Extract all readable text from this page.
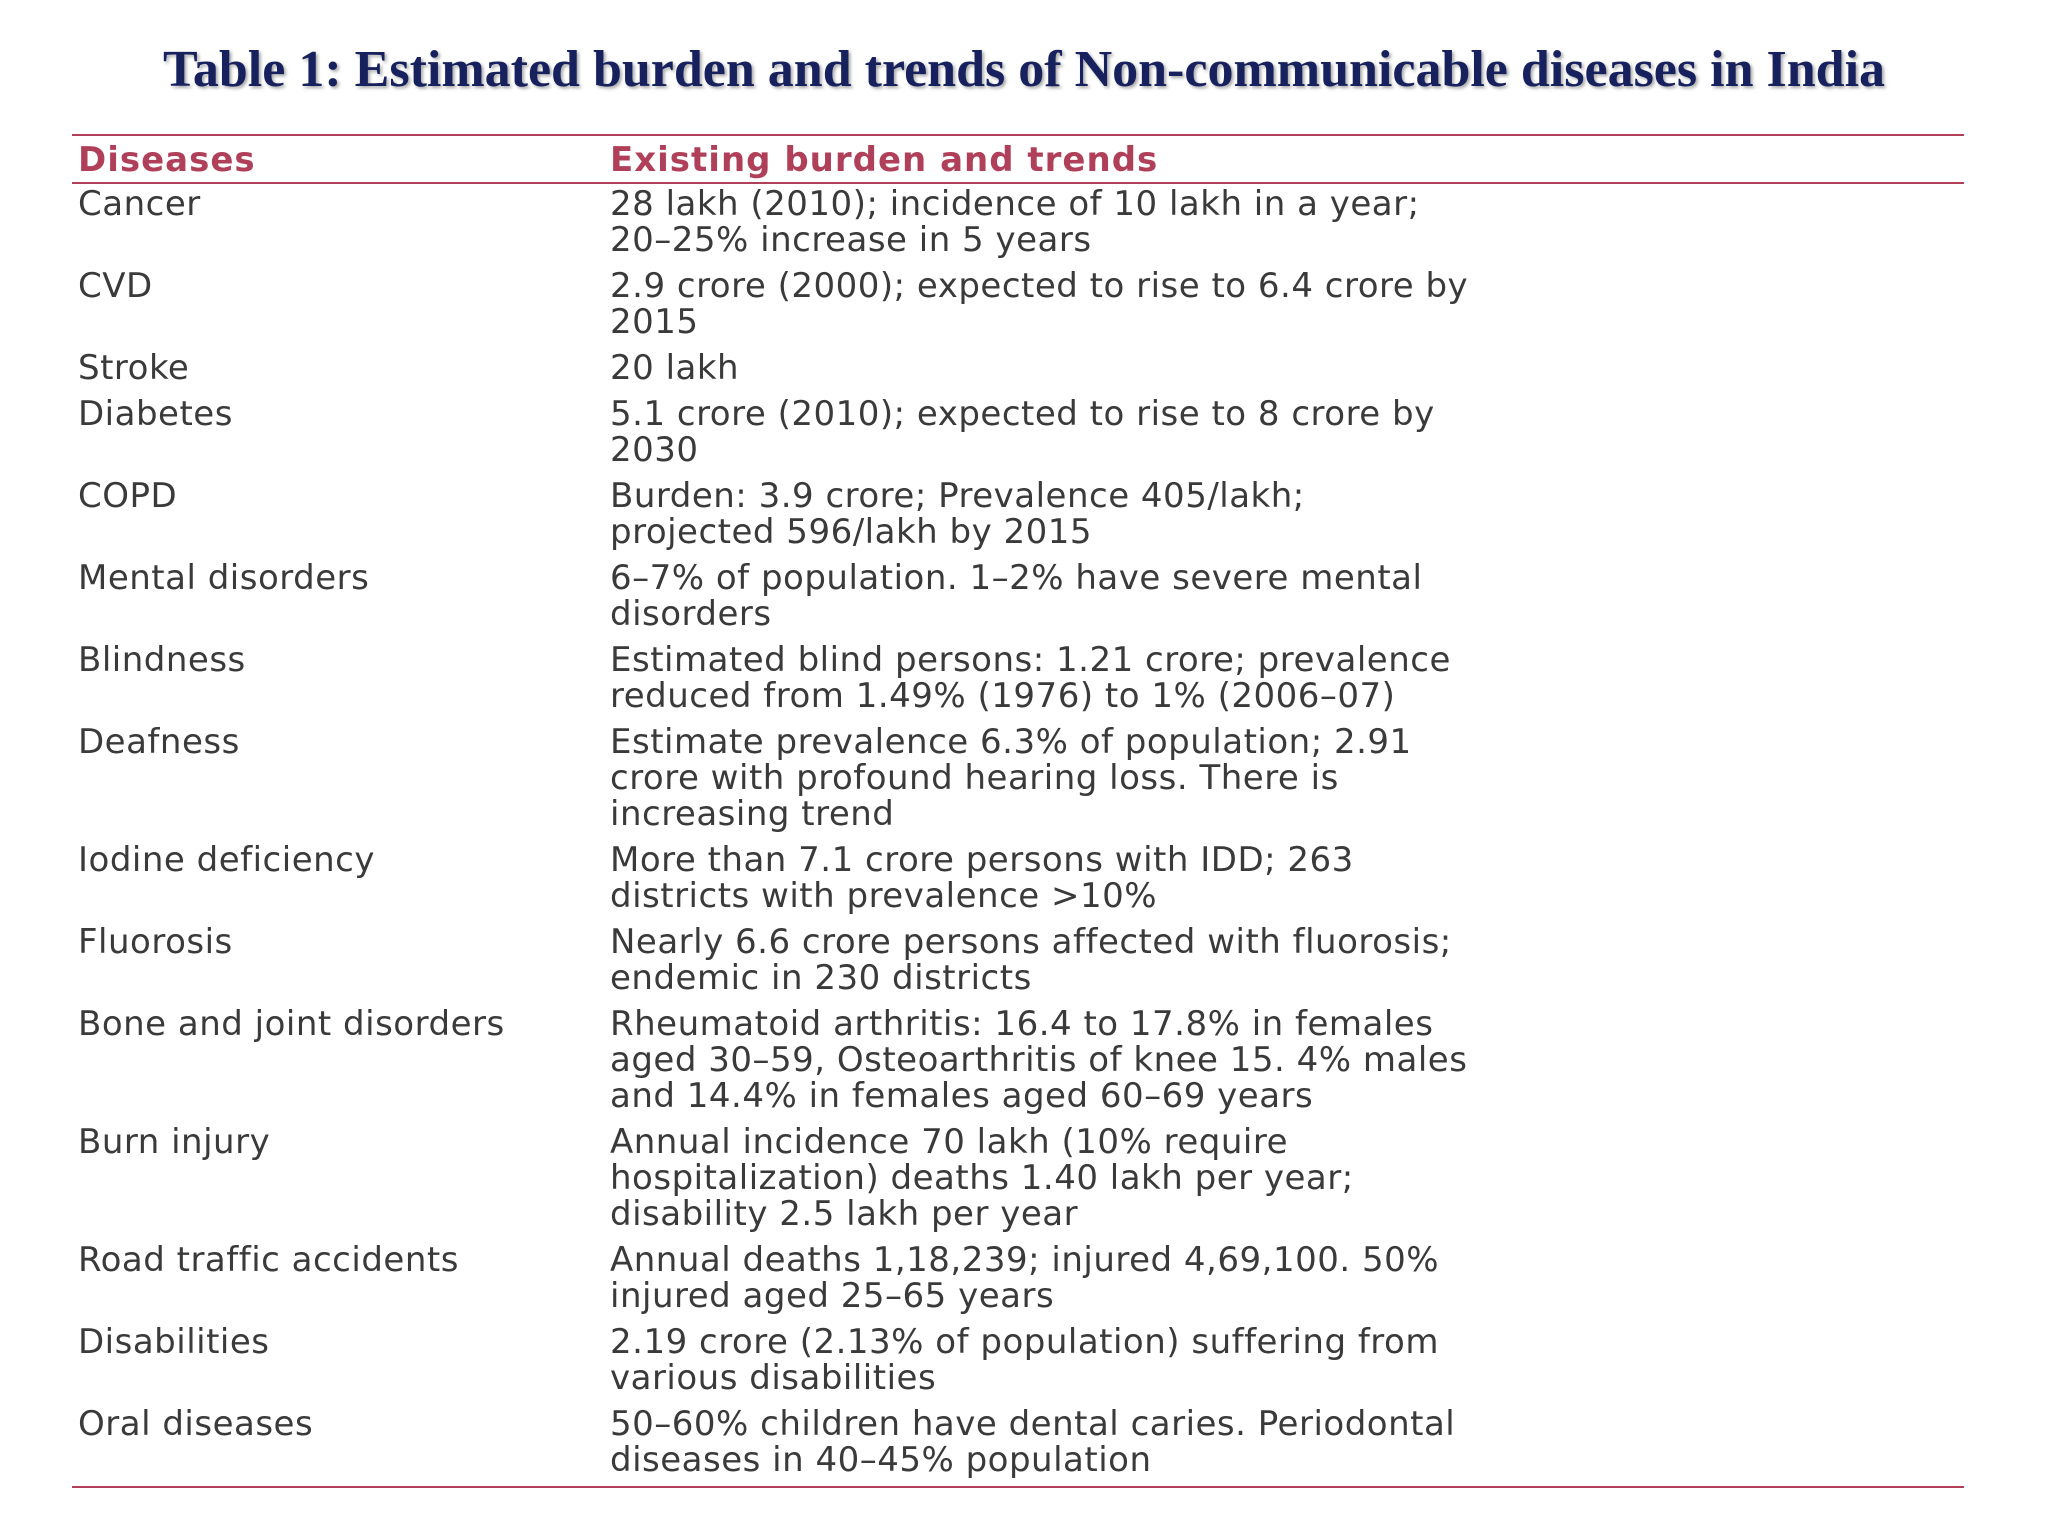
Table 1: Estimated burden and trends of Non-communicable diseases in India
Diseases	Existing burden and trends
Cancer	28 lakh (2010); incidence of 10 lakh in a year;
20–25% increase in 5 years

CVD	2.9 crore (2000); expected to rise to 6.4 crore by
2015

Stroke	20 lakh

Diabetes	5.1 crore (2010); expected to rise to 8 crore by
2030

COPD	Burden: 3.9 crore; Prevalence 405/lakh;
projected 596/lakh by 2015

Mental disorders	6–7% of population. 1–2% have severe mental
disorders

Blindness	Estimated blind persons: 1.21 crore; prevalence
reduced from 1.49% (1976) to 1% (2006–07)

Deafness	Estimate prevalence 6.3% of population; 2.91
crore with profound hearing loss. There is
increasing trend

Iodine deficiency	More than 7.1 crore persons with IDD; 263
districts with prevalence >10%

Fluorosis	Nearly 6.6 crore persons affected with fluorosis;
endemic in 230 districts

Bone and joint disorders	Rheumatoid arthritis: 16.4 to 17.8% in females
aged 30–59, Osteoarthritis of knee 15. 4% males
and 14.4% in females aged 60–69 years

Burn injury	Annual incidence 70 lakh (10% require
hospitalization) deaths 1.40 lakh per year;
disability 2.5 lakh per year

Road traffic accidents	Annual deaths 1,18,239; injured 4,69,100. 50%
injured aged 25–65 years

Disabilities	2.19 crore (2.13% of population) suffering from
various disabilities

Oral diseases	50–60% children have dental caries. Periodontal
diseases in 40–45% population
